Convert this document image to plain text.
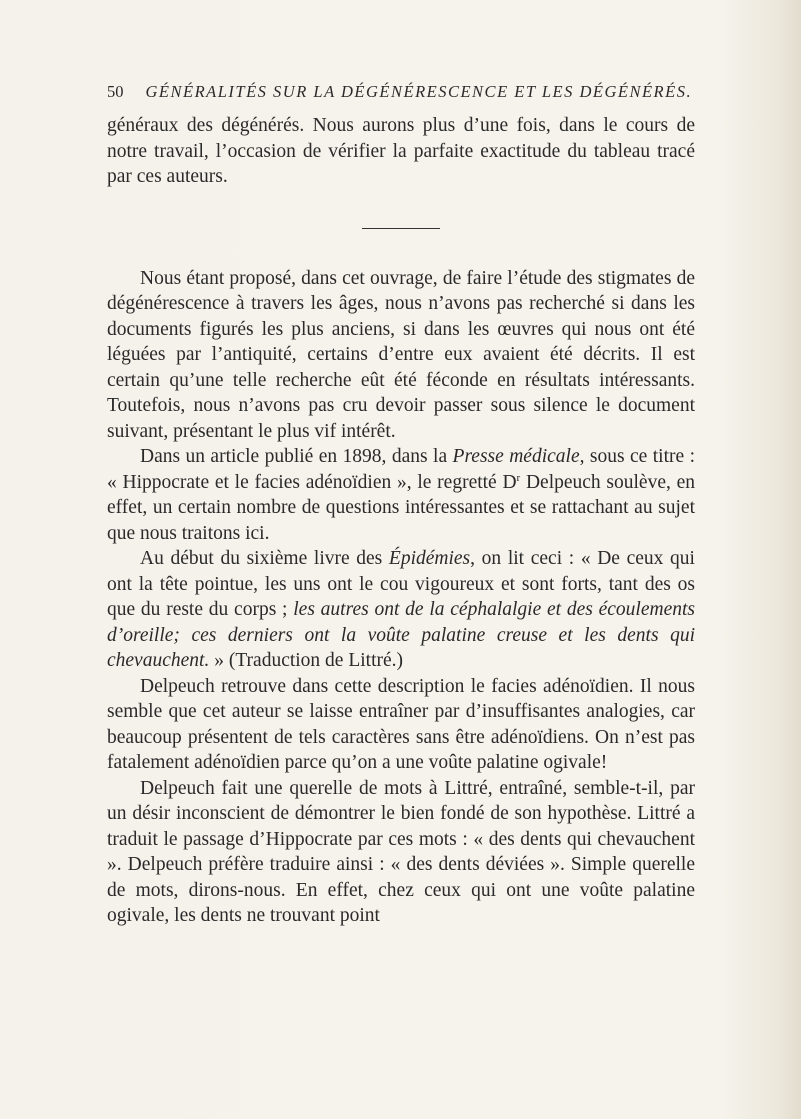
50 GÉNÉRALITÉS SUR LA DÉGÉNÉRESCENCE ET LES DÉGÉNÉRÉS.

généraux des dégénérés. Nous aurons plus d’une fois, dans le cours de notre travail, l’occasion de vérifier la parfaite exactitude du tableau tracé par ces auteurs.

Nous étant proposé, dans cet ouvrage, de faire l’étude des stigmates de dégénérescence à travers les âges, nous n’avons pas recherché si dans les documents figurés les plus anciens, si dans les œuvres qui nous ont été léguées par l’antiquité, certains d’entre eux avaient été décrits. Il est certain qu’une telle recherche eût été féconde en résultats intéressants. Toutefois, nous n’avons pas cru devoir passer sous silence le document suivant, présentant le plus vif intérêt.

Dans un article publié en 1898, dans la Presse médicale, sous ce titre : « Hippocrate et le facies adénoïdien », le regretté $D^r$ Delpeuch soulève, en effet, un certain nombre de questions intéressantes et se rattachant au sujet que nous traitons ici.

Au début du sixième livre des Épidémies, on lit ceci : « De ceux qui ont la tête pointue, les uns ont le cou vigoureux et sont forts, tant des os que du reste du corps ; les autres ont de la céphalalgie et des écoulements d’oreille; ces derniers ont la voûte palatine creuse et les dents qui chevauchent. » (Traduction de Littré.)

Delpeuch retrouve dans cette description le facies adénoïdien. Il nous semble que cet auteur se laisse entraîner par d’insuffisantes analogies, car beaucoup présentent de tels caractères sans être adénoïdiens. On n’est pas fatalement adénoïdien parce qu’on a une voûte palatine ogivale!

Delpeuch fait une querelle de mots à Littré, entraîné, semble-t-il, par un désir inconscient de démontrer le bien fondé de son hypothèse. Littré a traduit le passage d’Hippocrate par ces mots : « des dents qui chevauchent ». Delpeuch préfère traduire ainsi : « des dents déviées ». Simple querelle de mots, dirons-nous. En effet, chez ceux qui ont une voûte palatine ogivale, les dents ne trouvant point
